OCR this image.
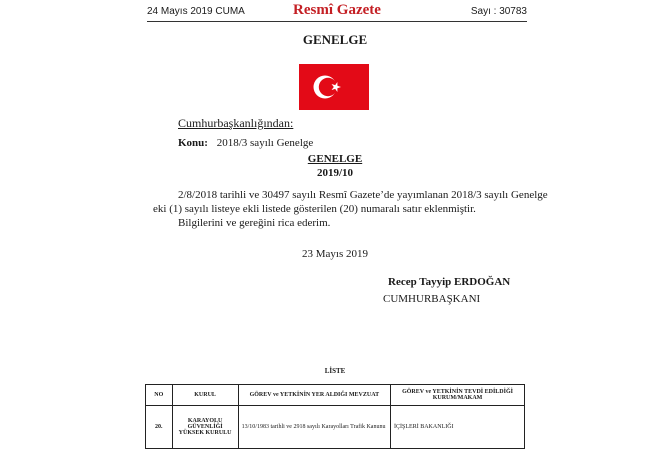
24 Mayıs 2019 CUMA	Resmî Gazete	Sayı : 30783
GENELGE
Cumhurbaşkanlığından:
Konu: 2018/3 sayılı Genelge
GENELGE
2019/10
2/8/2018 tarihli ve 30497 sayılı Resmî Gazete’de yayımlanan 2018/3 sayılı Genelge
eki (1) sayılı listeye ekli listede gösterilen (20) numaralı satır eklenmiştir.
Bilgilerini ve gereğini rica ederim.
23 Mayıs 2019
Recep Tayyip ERDOĞAN
CUMHURBAŞKANI
LİSTE
NO	KURUL	GÖREV ve YETKİNİN YER ALDIĞI MEVZUAT	GÖREV ve YETKİNİN TEVDİ EDİLDİĞİ KURUM/MAKAM
20.	KARAYOLU GÜVENLİĞİ YÜKSEK KURULU	13/10/1983 tarihli ve 2918 sayılı Karayolları Trafik Kanunu	İÇİŞLERİ BAKANLIĞI
